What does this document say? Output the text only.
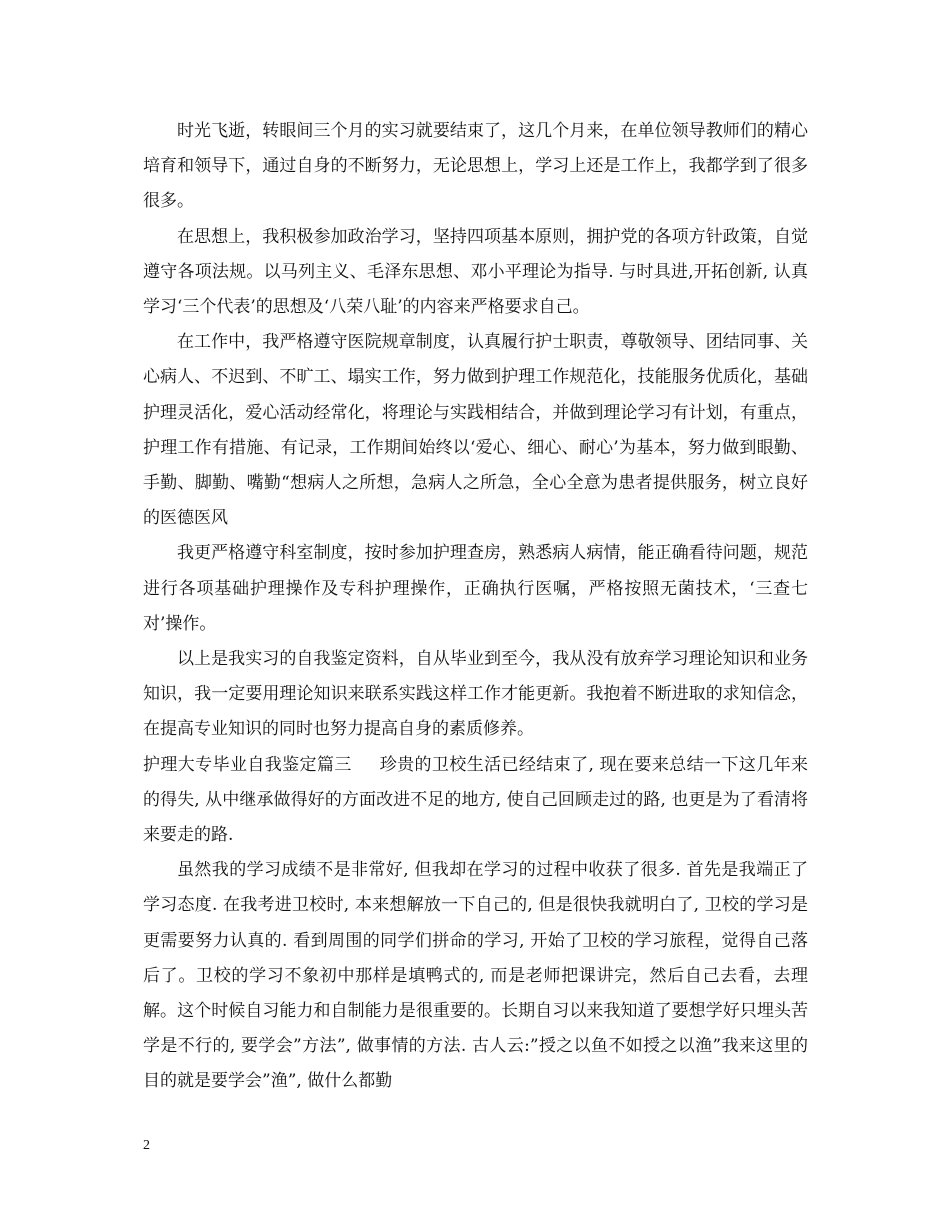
时光飞逝，转眼间三个月的实习就要结束了，这几个月来，在单位领导教师们的精心培育和领导下，通过自身的不断努力，无论思想上，学习上还是工作上，我都学到了很多很多。

在思想上，我积极参加政治学习，坚持四项基本原则，拥护党的各项方针政策，自觉遵守各项法规。以马列主义、毛泽东思想、邓小平理论为指导. 与时具进,开拓创新, 认真学习‘三个代表’的思想及‘八荣八耻’的内容来严格要求自己。

在工作中，我严格遵守医院规章制度，认真履行护士职责，尊敬领导、团结同事、关心病人、不迟到、不旷工、塌实工作，努力做到护理工作规范化，技能服务优质化，基础护理灵活化，爱心活动经常化，将理论与实践相结合，并做到理论学习有计划，有重点，护理工作有措施、有记录，工作期间始终以‘爱心、细心、耐心’为基本，努力做到眼勤、手勤、脚勤、嘴勤“想病人之所想，急病人之所急，全心全意为患者提供服务，树立良好的医德医风

我更严格遵守科室制度，按时参加护理查房，熟悉病人病情，能正确看待问题，规范进行各项基础护理操作及专科护理操作，正确执行医嘱，严格按照无菌技术，‘三查七对’操作。

以上是我实习的自我鉴定资料，自从毕业到至今，我从没有放弃学习理论知识和业务知识，我一定要用理论知识来联系实践这样工作才能更新。我抱着不断进取的求知信念，在提高专业知识的同时也努力提高自身的素质修养。

护理大专毕业自我鉴定篇三 珍贵的卫校生活已经结束了, 现在要来总结一下这几年来的得失, 从中继承做得好的方面改进不足的地方, 使自己回顾走过的路, 也更是为了看清将来要走的路.

虽然我的学习成绩不是非常好, 但我却在学习的过程中收获了很多. 首先是我端正了学习态度. 在我考进卫校时, 本来想解放一下自己的, 但是很快我就明白了, 卫校的学习是更需要努力认真的. 看到周围的同学们拼命的学习, 开始了卫校的学习旅程，觉得自己落后了。卫校的学习不象初中那样是填鸭式的, 而是老师把课讲完，然后自己去看，去理解。这个时候自习能力和自制能力是很重要的。长期自习以来我知道了要想学好只埋头苦学是不行的, 要学会”方法”, 做事情的方法. 古人云:”授之以鱼不如授之以渔”我来这里的目的就是要学会”渔”, 做什么都勤

2
